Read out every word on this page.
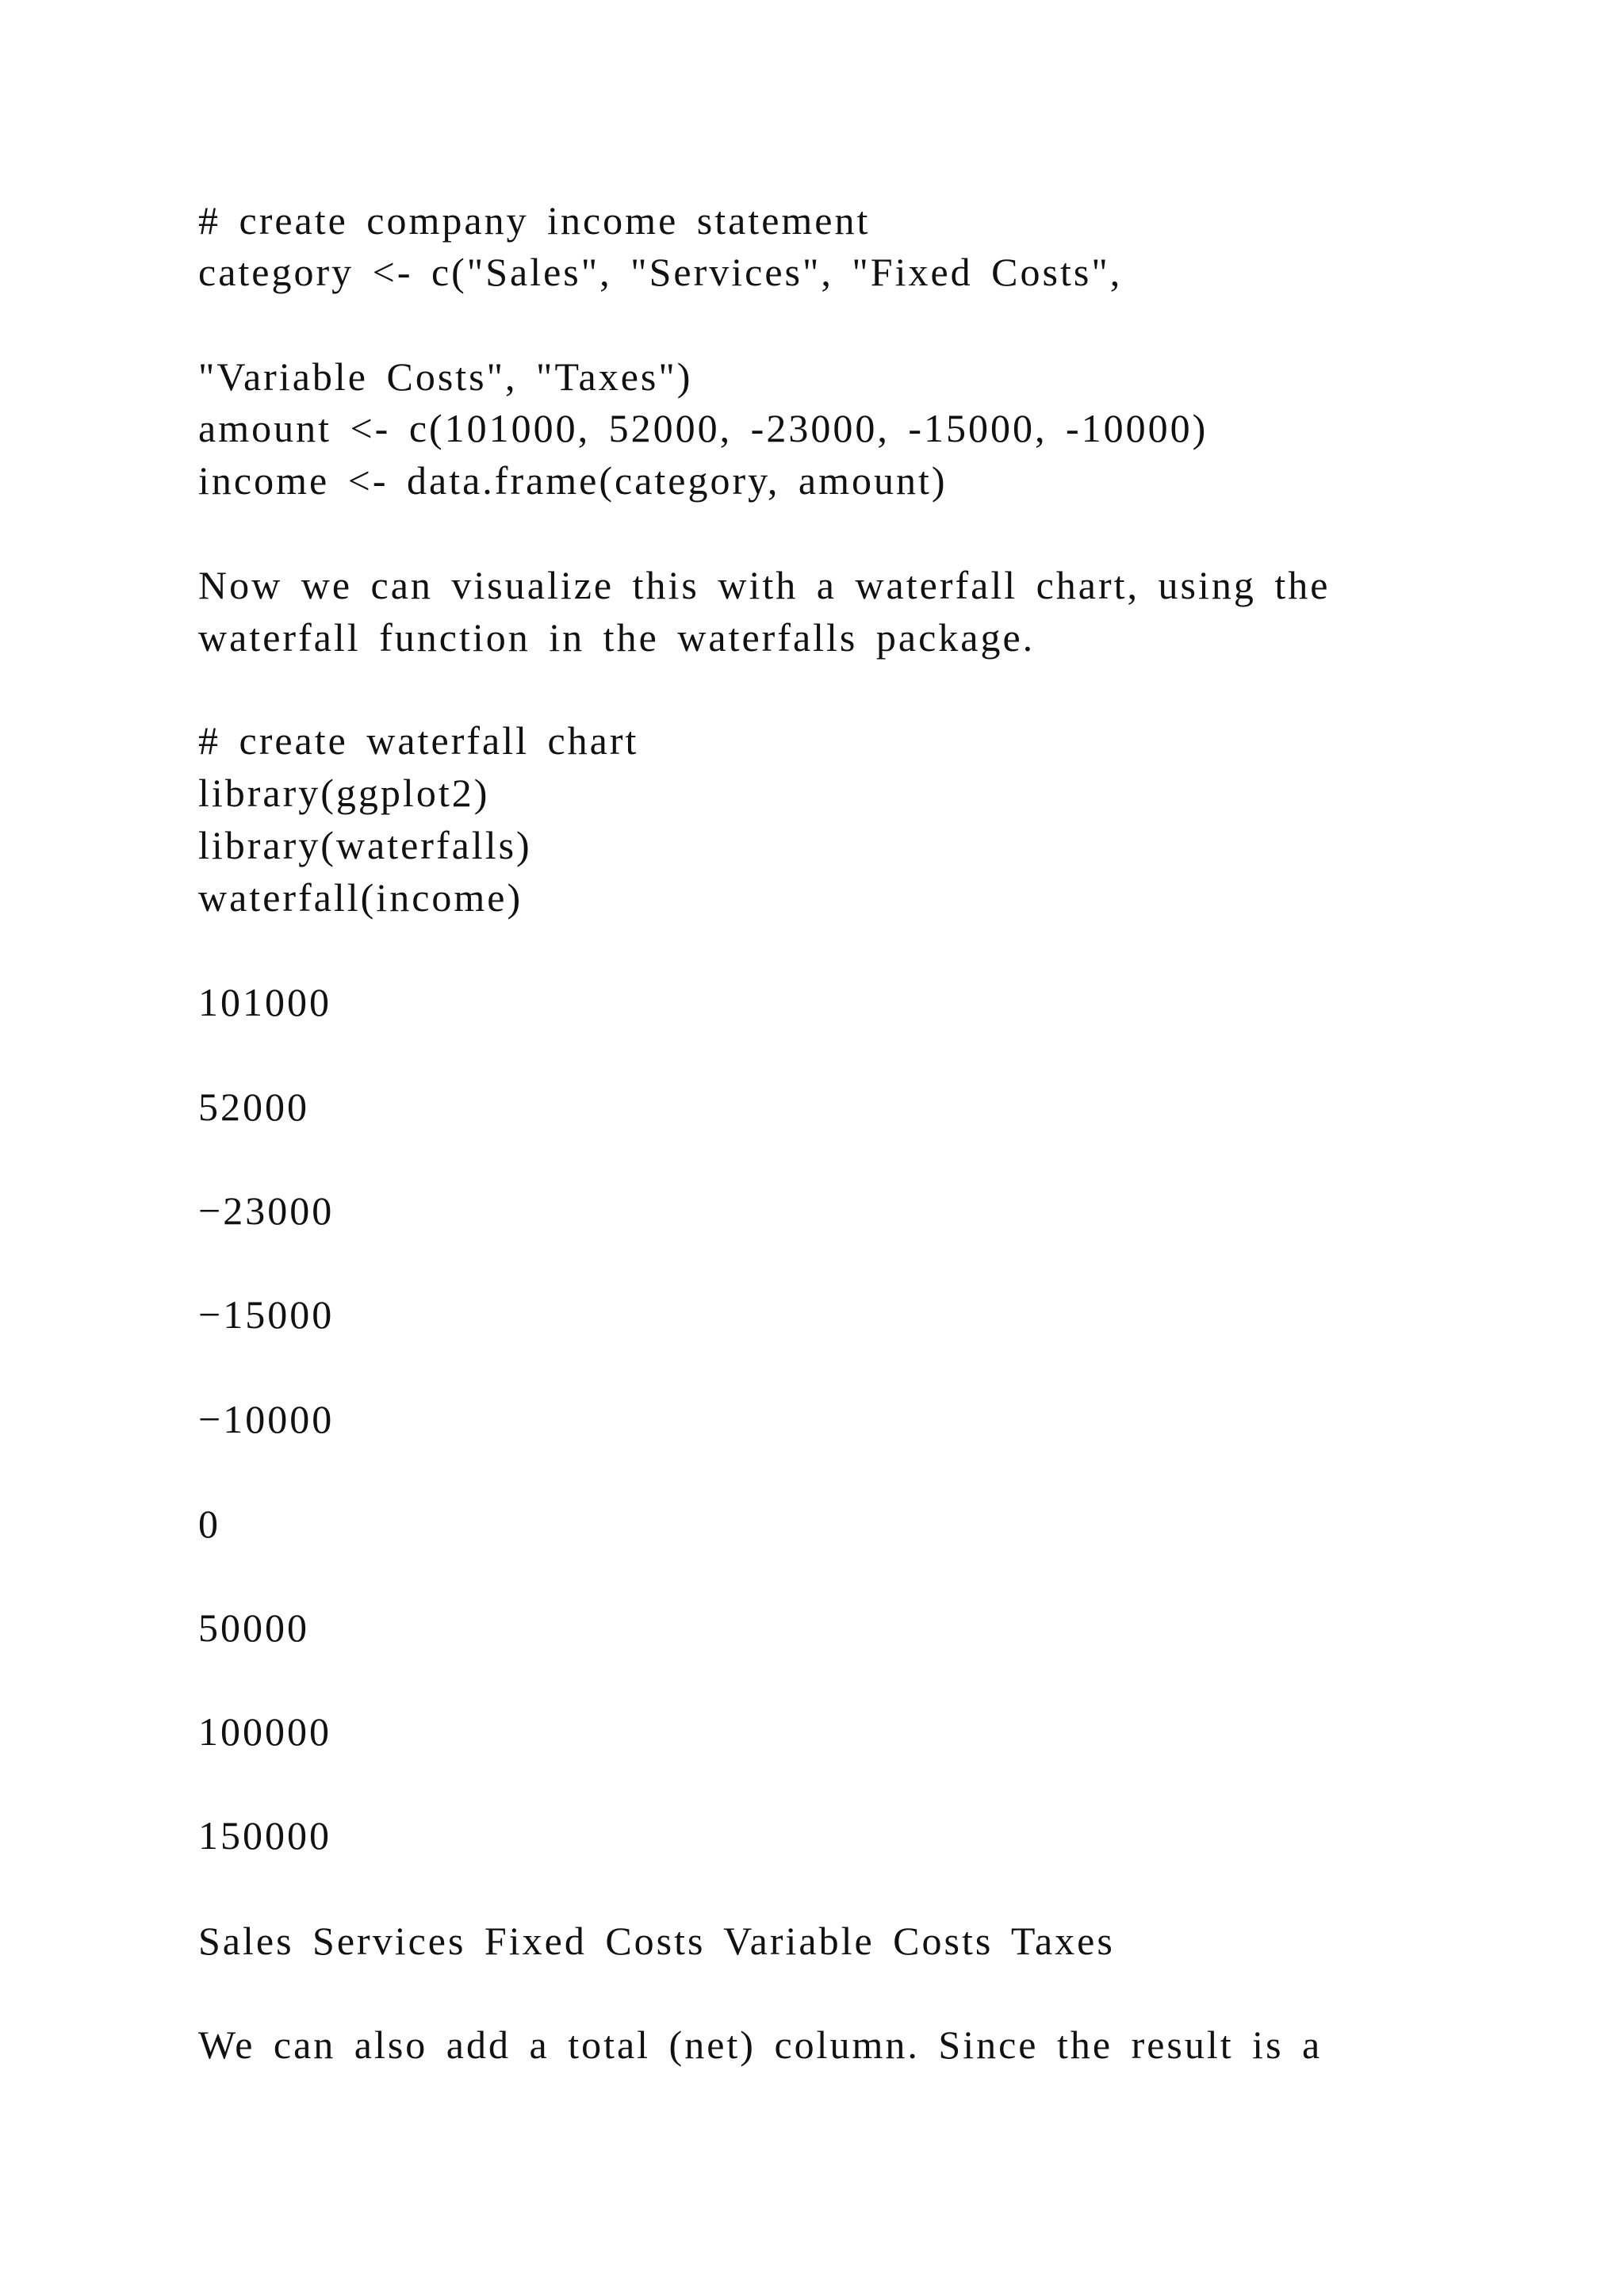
# create company income statement

category <- c("Sales", "Services", "Fixed Costs",

"Variable Costs", "Taxes")

amount <- c(101000, 52000, -23000, -15000, -10000)

income <- data.frame(category, amount)

Now we can visualize this with a waterfall chart, using the

waterfall function in the waterfalls package.

# create waterfall chart

library(ggplot2)

library(waterfalls)

waterfall(income)

101000

52000

−23000

−15000

−10000

0

50000

100000

150000

Sales Services Fixed Costs Variable Costs Taxes

We can also add a total (net) column. Since the result is a
